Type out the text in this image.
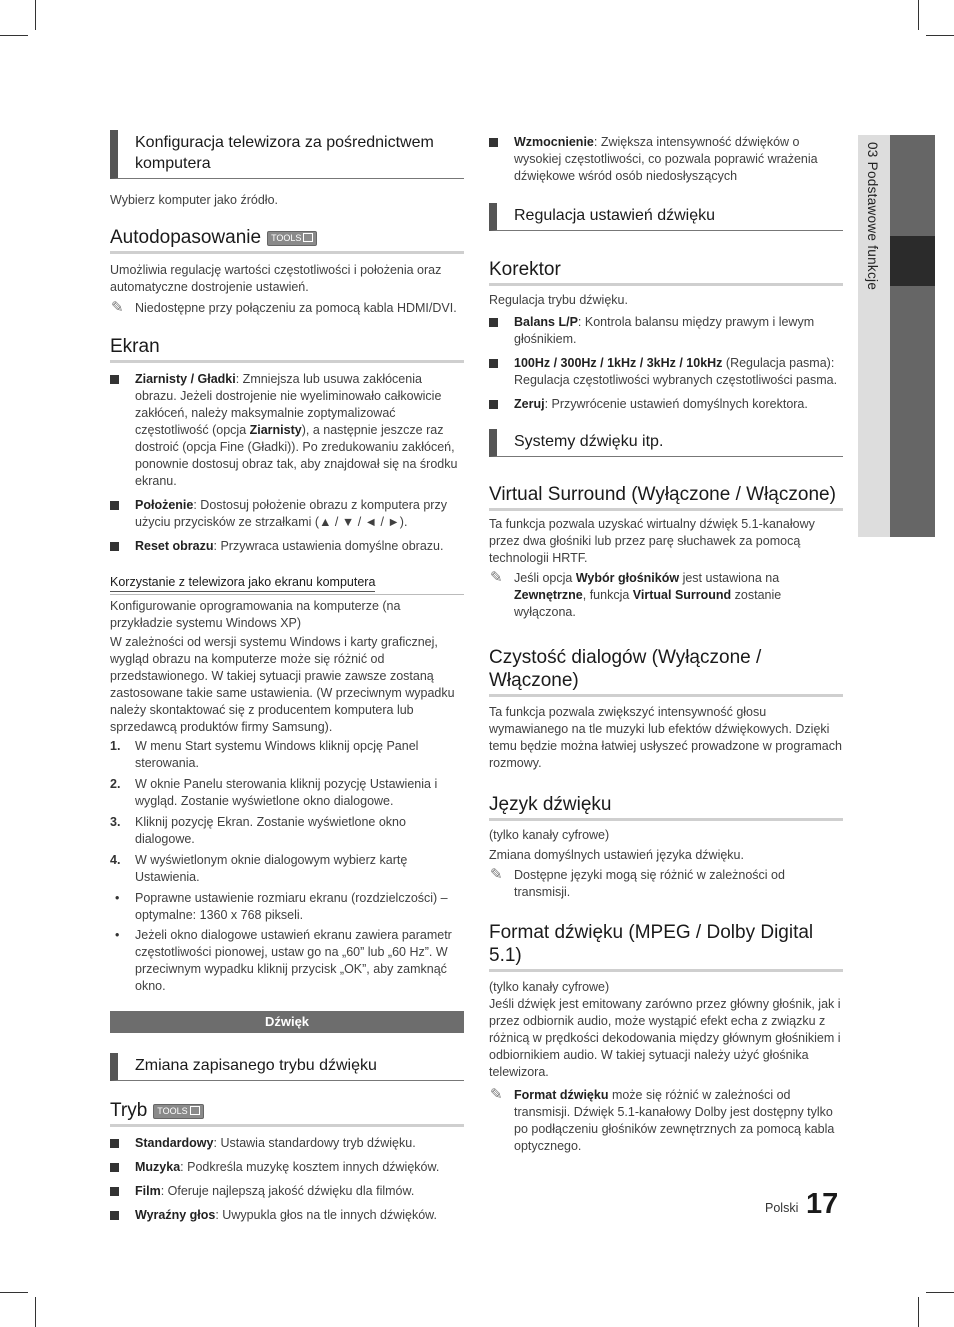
03 Podstawowe funkcje
Konfiguracja telewizora za pośrednictwem komputera

Wybierz komputer jako źródło.

Autodopasowanie TOOLS

Umożliwia regulację wartości częstotliwości i położenia oraz automatyczne dostrojenie ustawień.

✎ Niedostępne przy połączeniu za pomocą kabla HDMI/DVI.
Ekran
Ziarnisty / Gładki: Zmniejsza lub usuwa zakłócenia obrazu. Jeżeli dostrojenie nie wyeliminowało całkowicie zakłóceń, należy maksymalnie zoptymalizować częstotliwość (opcja Ziarnisty), a następnie jeszcze raz dostroić (opcja Fine (Gładki)). Po zredukowaniu zakłóceń, ponownie dostosuj obraz tak, aby znajdował się na środku ekranu.
Położenie: Dostosuj położenie obrazu z komputera przy użyciu przycisków ze strzałkami (▲ / ▼ / ◄ / ►).
Reset obrazu: Przywraca ustawienia domyślne obrazu.
Korzystanie z telewizora jako ekranu komputera

Konfigurowanie oprogramowania na komputerze (na przykładzie systemu Windows XP)

W zależności od wersji systemu Windows i karty graficznej, wygląd obrazu na komputerze może się różnić od przedstawionego. W takiej sytuacji prawie zawsze zostaną zastosowane takie same ustawienia. (W przeciwnym wypadku należy skontaktować się z producentem komputera lub sprzedawcą produktów firmy Samsung).

1. W menu Start systemu Windows kliknij opcję Panel sterowania.
2. W oknie Panelu sterowania kliknij pozycję Ustawienia i wygląd. Zostanie wyświetlone okno dialogowe.
3. Kliknij pozycję Ekran. Zostanie wyświetlone okno dialogowe.
4. W wyświetlonym oknie dialogowym wybierz kartę Ustawienia.
• Poprawne ustawienie rozmiaru ekranu (rozdzielczości) – optymalne: 1360 x 768 pikseli.
• Jeżeli okno dialogowe ustawień ekranu zawiera parametr częstotliwości pionowej, ustaw go na „60” lub „60 Hz”. W przeciwnym wypadku kliknij przycisk „OK”, aby zamknąć okno.
Dźwięk
Zmiana zapisanego trybu dźwięku
Tryb TOOLS
Standardowy: Ustawia standardowy tryb dźwięku.
Muzyka: Podkreśla muzykę kosztem innych dźwięków.
Film: Oferuje najlepszą jakość dźwięku dla filmów.
Wyraźny głos: Uwypukla głos na tle innych dźwięków.
Wzmocnienie: Zwiększa intensywność dźwięków o wysokiej częstotliwości, co pozwala poprawić wrażenia dźwiękowe wśród osób niedosłyszących
Regulacja ustawień dźwięku
Korektor

Regulacja trybu dźwięku.

Balans L/P: Kontrola balansu między prawym i lewym głośnikiem.
100Hz / 300Hz / 1kHz / 3kHz / 10kHz (Regulacja pasma): Regulacja częstotliwości wybranych częstotliwości pasma.
Zeruj: Przywrócenie ustawień domyślnych korektora.
Systemy dźwięku itp.
Virtual Surround (Wyłączone / Włączone)

Ta funkcja pozwala uzyskać wirtualny dźwięk 5.1-kanałowy przez dwa głośniki lub przez parę słuchawek za pomocą technologii HRTF.

✎ Jeśli opcja Wybór głośników jest ustawiona na Zewnętrzne, funkcja Virtual Surround zostanie wyłączona.
Czystość dialogów (Wyłączone / Włączone)

Ta funkcja pozwala zwiększyć intensywność głosu wymawianego na tle muzyki lub efektów dźwiękowych. Dzięki temu będzie można łatwiej usłyszeć prowadzone w programach rozmowy.

Język dźwięku

(tylko kanały cyfrowe)

Zmiana domyślnych ustawień języka dźwięku.

✎ Dostępne języki mogą się różnić w zależności od transmisji.
Format dźwięku (MPEG / Dolby Digital 5.1)

(tylko kanały cyfrowe)

Jeśli dźwięk jest emitowany zarówno przez główny głośnik, jak i przez odbiornik audio, może wystąpić efekt echa z związku z różnicą w prędkości dekodowania między głównym głośnikiem i odbiornikiem audio. W takiej sytuacji należy użyć głośnika telewizora.

✎ Format dźwięku może się różnić w zależności od transmisji. Dźwięk 5.1-kanałowy Dolby jest dostępny tylko po podłączeniu głośników zewnętrznych za pomocą kabla optycznego.
Polski 17
